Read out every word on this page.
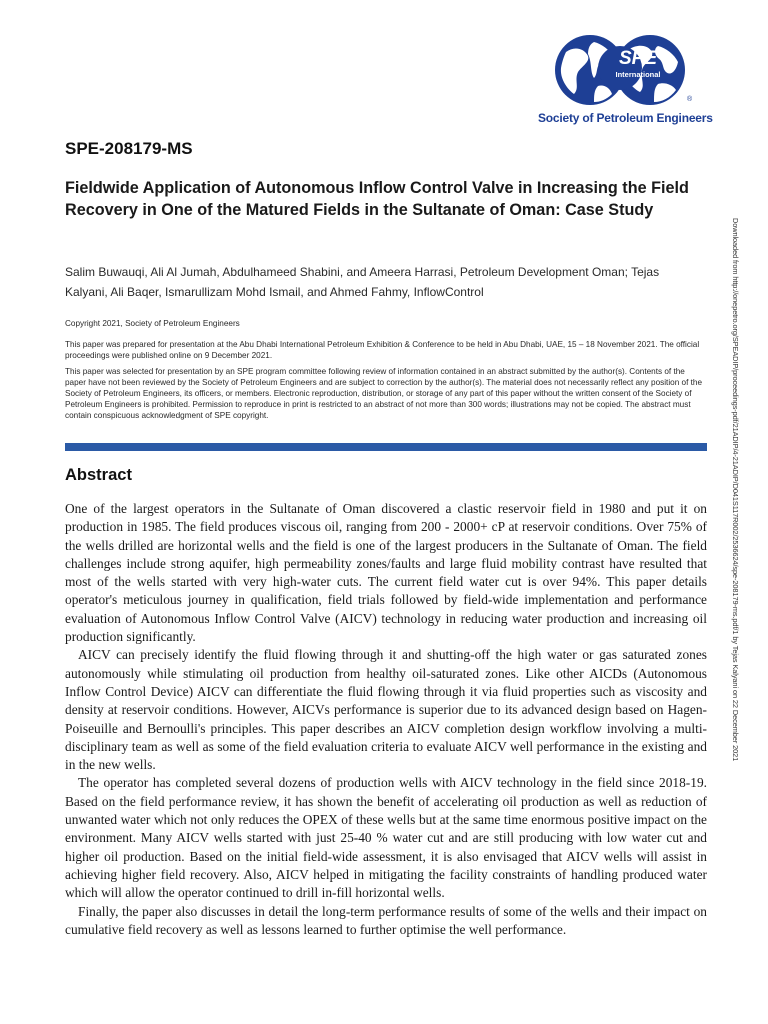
SPE
International
®
Society of Petroleum Engineers
SPE-208179-MS
Fieldwide Application of Autonomous Inflow Control Valve in Increasing the Field Recovery in One of the Matured Fields in the Sultanate of Oman: Case Study

Salim Buwauqi, Ali Al Jumah, Abdulhameed Shabini, and Ameera Harrasi, Petroleum Development Oman; Tejas Kalyani, Ali Baqer, Ismarullizam Mohd Ismail, and Ahmed Fahmy, InflowControl

Copyright 2021, Society of Petroleum Engineers

This paper was prepared for presentation at the Abu Dhabi International Petroleum Exhibition & Conference to be held in Abu Dhabi, UAE, 15 – 18 November 2021. The official proceedings were published online on 9 December 2021.

This paper was selected for presentation by an SPE program committee following review of information contained in an abstract submitted by the author(s). Contents of the paper have not been reviewed by the Society of Petroleum Engineers and are subject to correction by the author(s). The material does not necessarily reflect any position of the Society of Petroleum Engineers, its officers, or members. Electronic reproduction, distribution, or storage of any part of this paper without the written consent of the Society of Petroleum Engineers is prohibited. Permission to reproduce in print is restricted to an abstract of not more than 300 words; illustrations may not be copied. The abstract must contain conspicuous acknowledgment of SPE copyright.

Abstract

One of the largest operators in the Sultanate of Oman discovered a clastic reservoir field in 1980 and put it on production in 1985. The field produces viscous oil, ranging from 200 - 2000+ cP at reservoir conditions. Over 75% of the wells drilled are horizontal wells and the field is one of the largest producers in the Sultanate of Oman. The field challenges include strong aquifer, high permeability zones/faults and large fluid mobility contrast have resulted that most of the wells started with very high-water cuts. The current field water cut is over 94%. This paper details operator's meticulous journey in qualification, field trials followed by field-wide implementation and performance evaluation of Autonomous Inflow Control Valve (AICV) technology in reducing water production and increasing oil production significantly.

AICV can precisely identify the fluid flowing through it and shutting-off the high water or gas saturated zones autonomously while stimulating oil production from healthy oil-saturated zones. Like other AICDs (Autonomous Inflow Control Device) AICV can differentiate the fluid flowing through it via fluid properties such as viscosity and density at reservoir conditions. However, AICVs performance is superior due to its advanced design based on Hagen-Poiseuille and Bernoulli's principles. This paper describes an AICV completion design workflow involving a multi-disciplinary team as well as some of the field evaluation criteria to evaluate AICV well performance in the existing and in the new wells.

The operator has completed several dozens of production wells with AICV technology in the field since 2018-19. Based on the field performance review, it has shown the benefit of accelerating oil production as well as reduction of unwanted water which not only reduces the OPEX of these wells but at the same time enormous positive impact on the environment. Many AICV wells started with just 25-40 % water cut and are still producing with low water cut and higher oil production. Based on the initial field-wide assessment, it is also envisaged that AICV wells will assist in achieving higher field recovery. Also, AICV helped in mitigating the facility constraints of handling produced water which will allow the operator continued to drill in-fill horizontal wells.

Finally, the paper also discusses in detail the long-term performance results of some of the wells and their impact on cumulative field recovery as well as lessons learned to further optimise the well performance.

Downloaded from http://onepetro.org/SPEADIP/proceedings-pdf/21ADIP/4-21ADIP/D041S117R002/2536624/spe-208179-ms.pdf/1 by Tejas Kalyani on 22 December 2021
